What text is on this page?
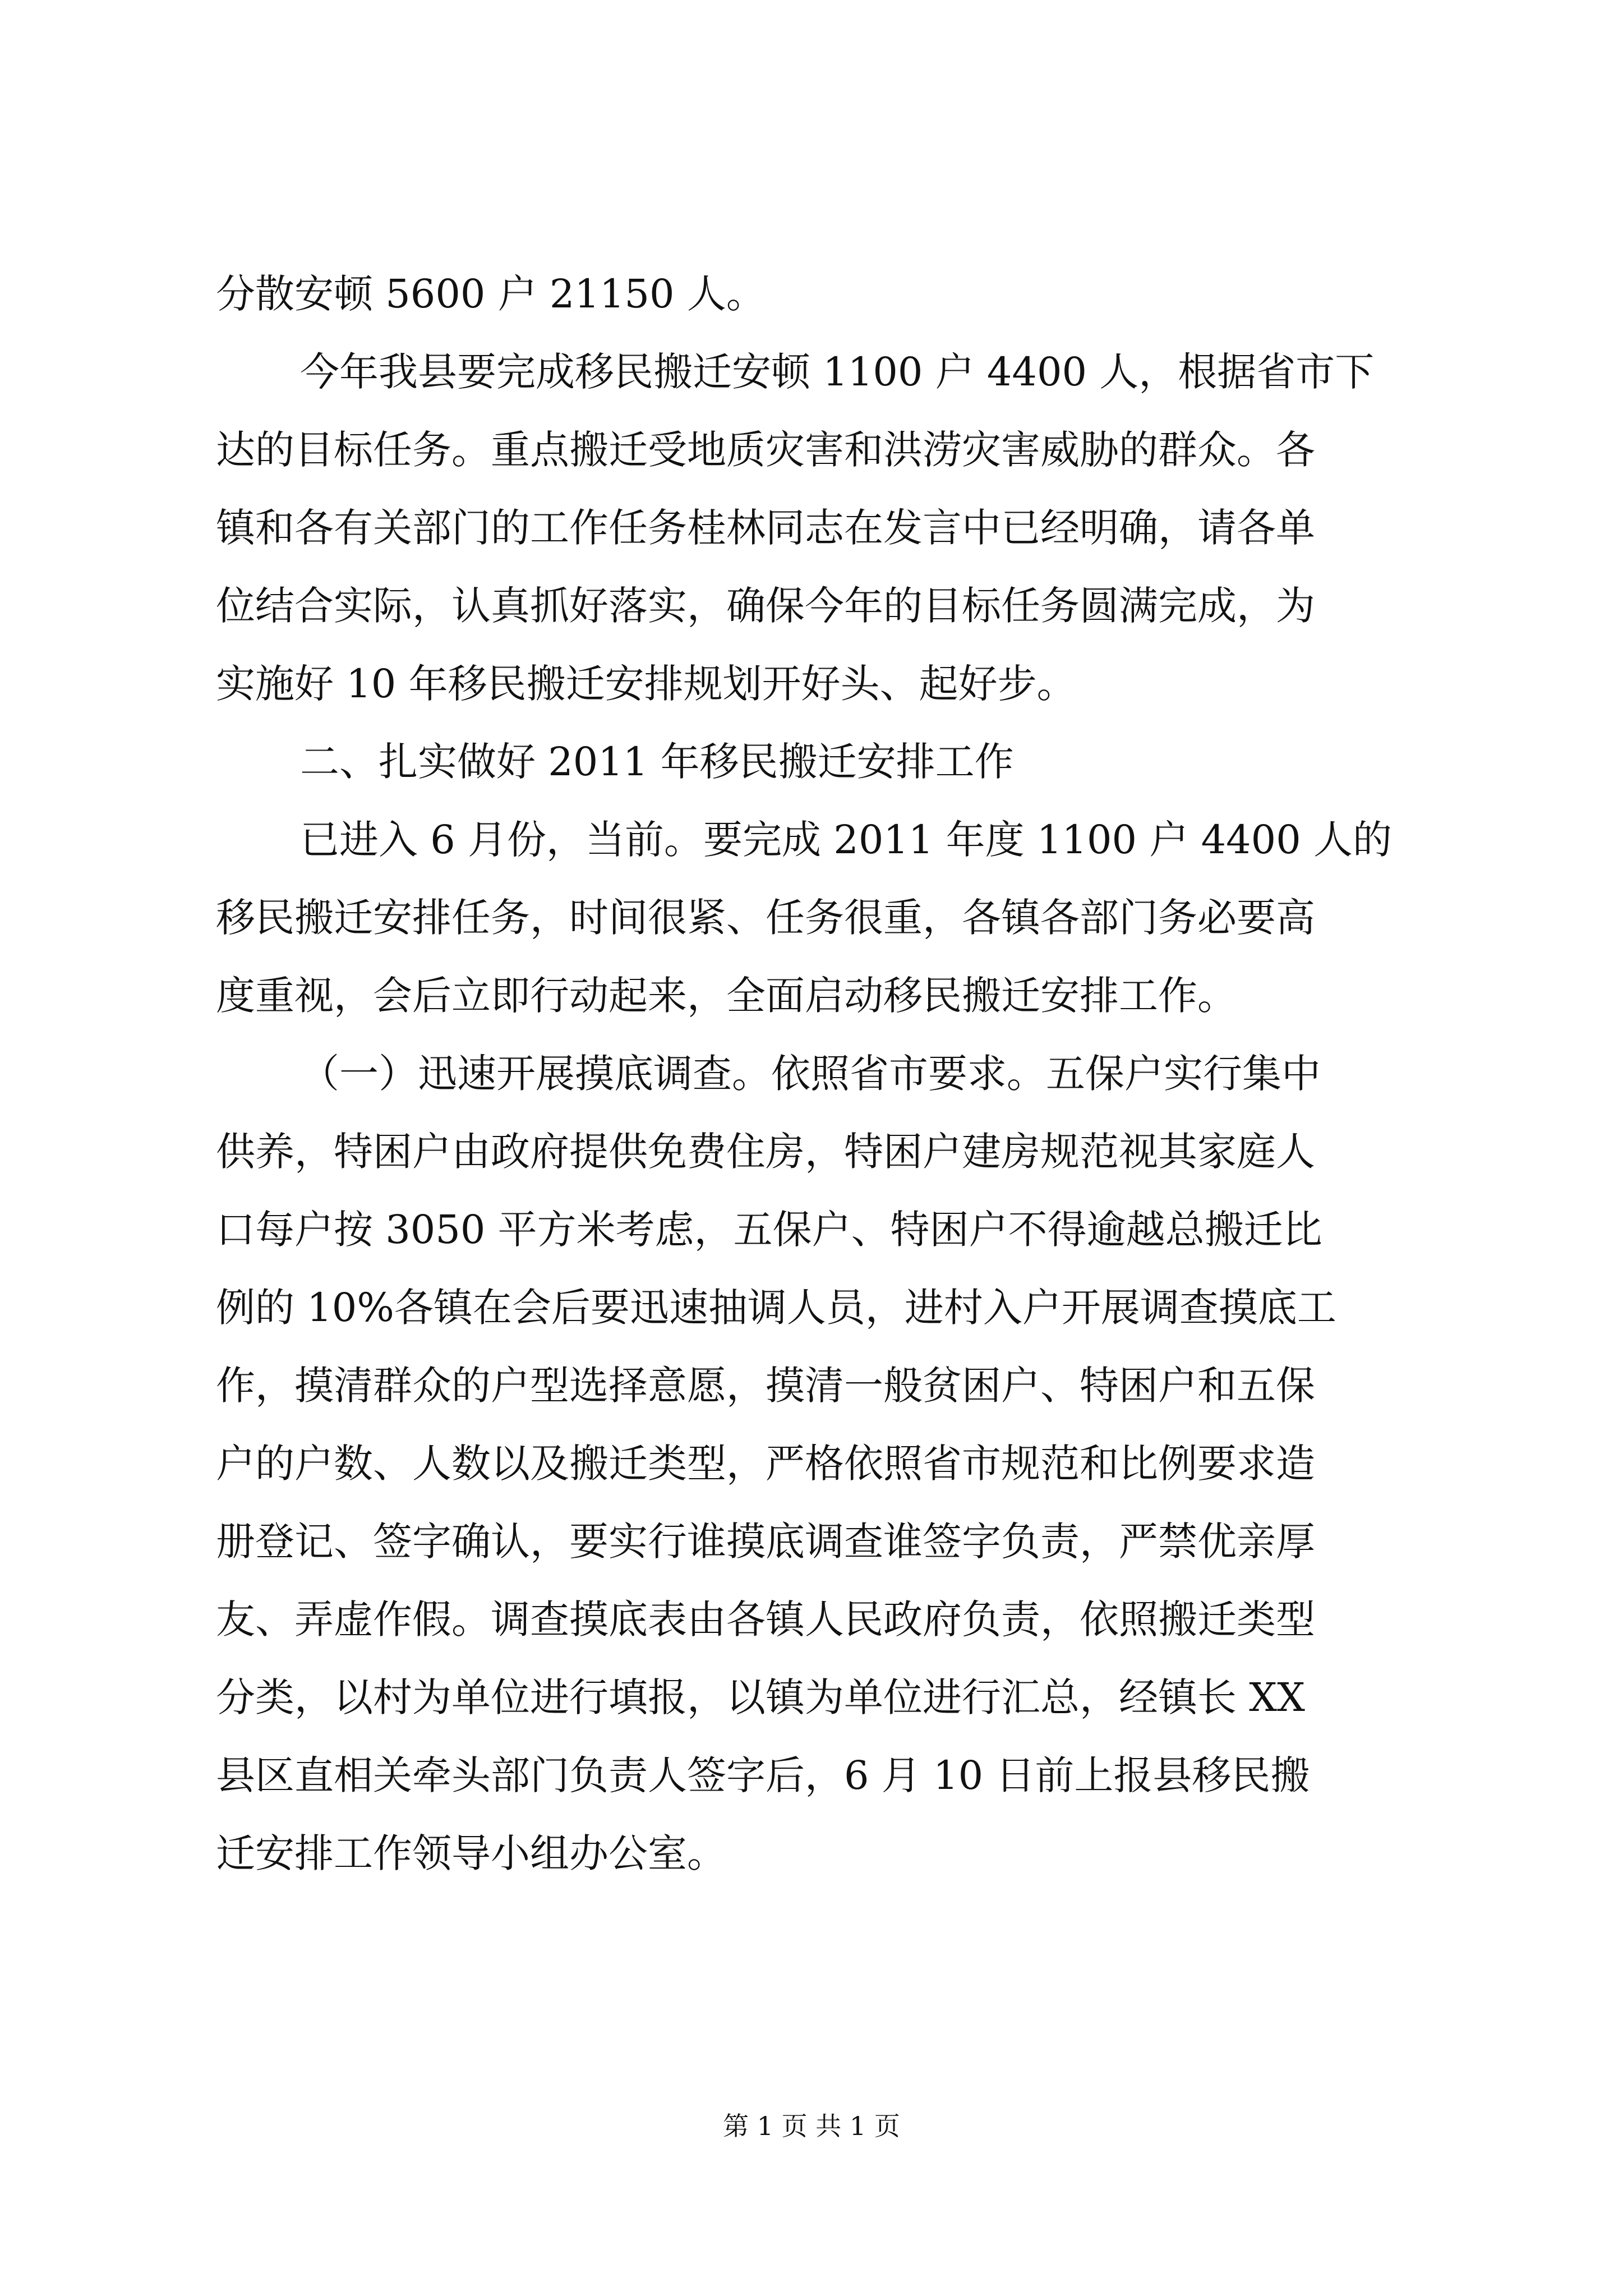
分散安顿 5600 户 21150 人。
今年我县要完成移民搬迁安顿 1100 户 4400 人，根据省市下
达的目标任务。重点搬迁受地质灾害和洪涝灾害威胁的群众。各
镇和各有关部门的工作任务桂林同志在发言中已经明确，请各单
位结合实际，认真抓好落实，确保今年的目标任务圆满完成，为
实施好 10 年移民搬迁安排规划开好头、起好步。
二、扎实做好 2011 年移民搬迁安排工作
已进入 6 月份，当前。要完成 2011 年度 1100 户 4400 人的
移民搬迁安排任务，时间很紧、任务很重，各镇各部门务必要高
度重视，会后立即行动起来，全面启动移民搬迁安排工作。
（一）迅速开展摸底调查。依照省市要求。五保户实行集中
供养，特困户由政府提供免费住房，特困户建房规范视其家庭人
口每户按 3050 平方米考虑，五保户、特困户不得逾越总搬迁比
例的 10%各镇在会后要迅速抽调人员，进村入户开展调查摸底工
作，摸清群众的户型选择意愿，摸清一般贫困户、特困户和五保
户的户数、人数以及搬迁类型，严格依照省市规范和比例要求造
册登记、签字确认，要实行谁摸底调查谁签字负责，严禁优亲厚
友、弄虚作假。调查摸底表由各镇人民政府负责，依照搬迁类型
分类，以村为单位进行填报，以镇为单位进行汇总，经镇长 XX
县区直相关牵头部门负责人签字后，6 月 10 日前上报县移民搬
迁安排工作领导小组办公室。
第 1 页 共 1 页
